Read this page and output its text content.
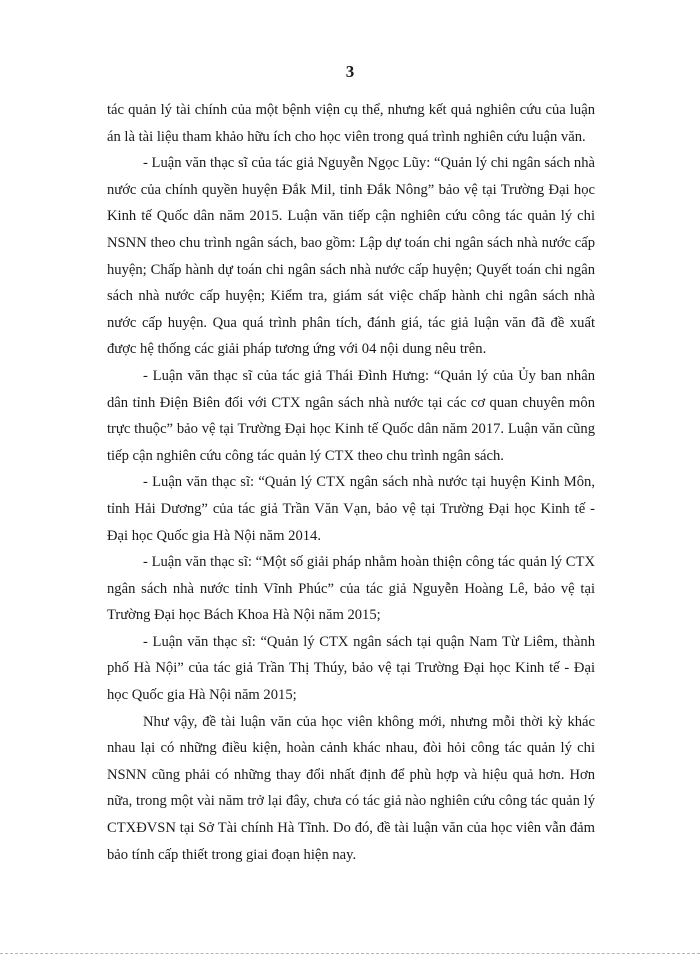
3

tác quản lý tài chính của một bệnh viện cụ thể, nhưng kết quả nghiên cứu của luận án là tài liệu tham khảo hữu ích cho học viên trong quá trình nghiên cứu luận văn.

- Luận văn thạc sĩ của tác giả Nguyễn Ngọc Lũy: “Quản lý chi ngân sách nhà nước của chính quyền huyện Đắk Mil, tỉnh Đắk Nông” bảo vệ tại Trường Đại học Kinh tế Quốc dân năm 2015. Luận văn tiếp cận nghiên cứu công tác quản lý chi NSNN theo chu trình ngân sách, bao gồm: Lập dự toán chi ngân sách nhà nước cấp huyện; Chấp hành dự toán chi ngân sách nhà nước cấp huyện; Quyết toán chi ngân sách nhà nước cấp huyện; Kiểm tra, giám sát việc chấp hành chi ngân sách nhà nước cấp huyện. Qua quá trình phân tích, đánh giá, tác giả luận văn đã đề xuất được hệ thống các giải pháp tương ứng với 04 nội dung nêu trên.

- Luận văn thạc sĩ của tác giả Thái Đình Hưng: “Quản lý của Ủy ban nhân dân tỉnh Điện Biên đối với CTX ngân sách nhà nước tại các cơ quan chuyên môn trực thuộc” bảo vệ tại Trường Đại học Kinh tế Quốc dân năm 2017. Luận văn cũng tiếp cận nghiên cứu công tác quản lý CTX theo chu trình ngân sách.

- Luận văn thạc sĩ: “Quản lý CTX ngân sách nhà nước tại huyện Kinh Môn, tỉnh Hải Dương” của tác giả Trần Văn Vạn, bảo vệ tại Trường Đại học Kinh tế - Đại học Quốc gia Hà Nội năm 2014.

- Luận văn thạc sĩ: “Một số giải pháp nhằm hoàn thiện công tác quản lý CTX ngân sách nhà nước tỉnh Vĩnh Phúc” của tác giả Nguyễn Hoàng Lê, bảo vệ tại Trường Đại học Bách Khoa Hà Nội năm 2015;

- Luận văn thạc sĩ: “Quản lý CTX ngân sách tại quận Nam Từ Liêm, thành phố Hà Nội” của tác giả Trần Thị Thúy, bảo vệ tại Trường Đại học Kinh tế - Đại học Quốc gia Hà Nội năm 2015;

Như vậy, đề tài luận văn của học viên không mới, nhưng mỗi thời kỳ khác nhau lại có những điều kiện, hoàn cảnh khác nhau, đòi hỏi công tác quản lý chi NSNN cũng phải có những thay đổi nhất định để phù hợp và hiệu quả hơn. Hơn nữa, trong một vài năm trở lại đây, chưa có tác giả nào nghiên cứu công tác quản lý CTXĐVSN tại Sở Tài chính Hà Tĩnh. Do đó, đề tài luận văn của học viên vẫn đảm bảo tính cấp thiết trong giai đoạn hiện nay.
